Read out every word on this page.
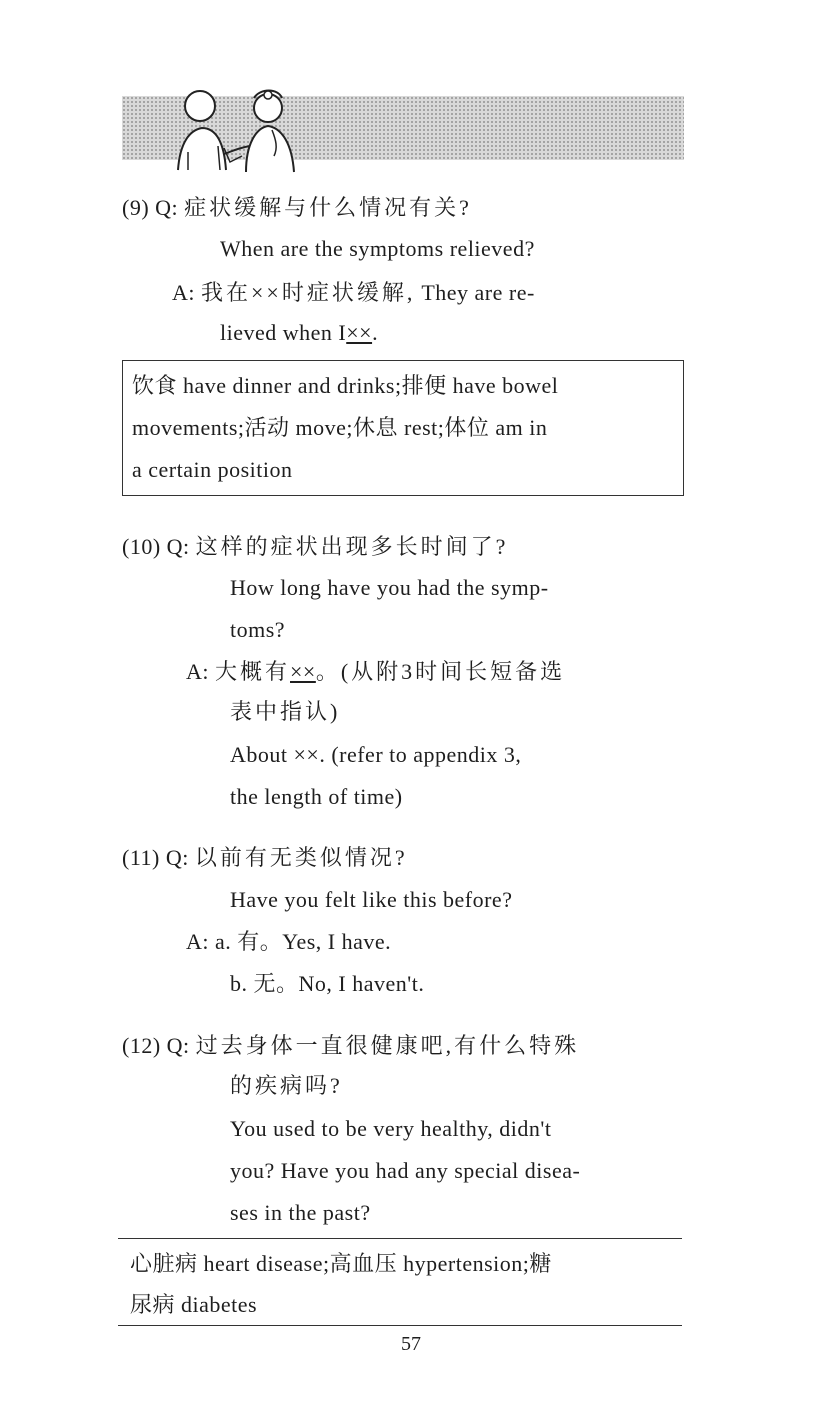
(9) Q: 症状缓解与什么情况有关?
When are the symptoms relieved?
A: 我在××时症状缓解, They are re-
lieved when I××.
饮食 have dinner and drinks;排便 have bowel
movements;活动 move;休息 rest;体位 am in
a certain position
(10) Q: 这样的症状出现多长时间了?
How long have you had the symp-
toms?
A: 大概有××。(从附3时间长短备选
表中指认)
About ××. (refer to appendix 3,
the length of time)
(11) Q: 以前有无类似情况?
Have you felt like this before?
A: a. 有。Yes, I have.
b. 无。No, I haven't.
(12) Q: 过去身体一直很健康吧,有什么特殊
的疾病吗?
You used to be very healthy, didn't
you? Have you had any special disea-
ses in the past?
心脏病 heart disease;高血压 hypertension;糖
尿病 diabetes
57
